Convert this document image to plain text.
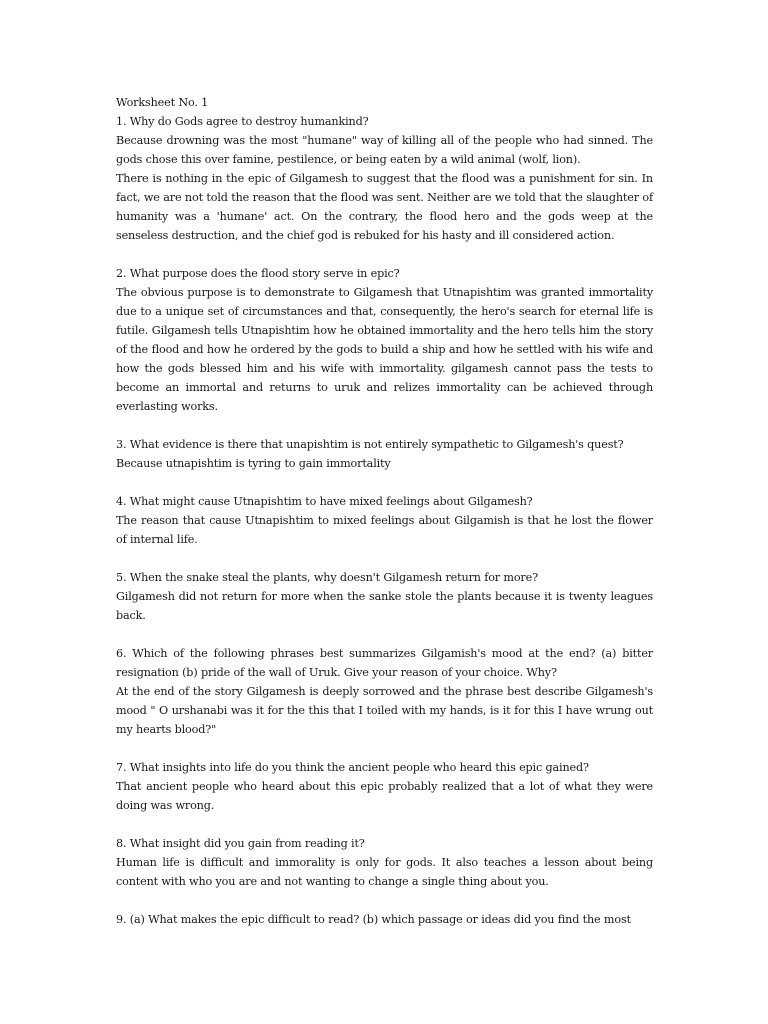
Worksheet No. 1

1. Why do Gods agree to destroy humankind?

Because drowning was the most "humane" way of killing all of the people who had sinned. The gods chose this over famine, pestilence, or being eaten by a wild animal (wolf, lion).

There is nothing in the epic of Gilgamesh to suggest that the flood was a punishment for sin. In fact, we are not told the reason that the flood was sent. Neither are we told that the slaughter of humanity was a 'humane' act. On the contrary, the flood hero and the gods weep at the senseless destruction, and the chief god is rebuked for his hasty and ill considered action.

2. What purpose does the flood story serve in epic?

The obvious purpose is to demonstrate to Gilgamesh that Utnapishtim was granted immortality due to a unique set of circumstances and that, consequently, the hero's search for eternal life is futile. Gilgamesh tells Utnapishtim how he obtained immortality and the hero tells him the story of the flood and how he ordered by the gods to build a ship and how he settled with his wife and how the gods blessed him and his wife with immortality. gilgamesh cannot pass the tests to become an immortal and returns to uruk and relizes immortality can be achieved through everlasting works.

3. What evidence is there that unapishtim is not entirely sympathetic to Gilgamesh's quest?

Because utnapishtim is tyring to gain immortality

4. What might cause Utnapishtim to have mixed feelings about Gilgamesh?

The reason that cause Utnapishtim to mixed feelings about Gilgamish is that he lost the flower of internal life.

5. When the snake steal the plants, why doesn't Gilgamesh return for more?

Gilgamesh did not return for more when the sanke stole the plants because it is twenty leagues back.

6. Which of the following phrases best summarizes Gilgamish's mood at the end? (a) bitter resignation (b) pride of the wall of Uruk. Give your reason of your choice. Why?

At the end of the story Gilgamesh is deeply sorrowed and the phrase best describe Gilgamesh's mood " O urshanabi was it for the this that I toiled with my hands, is it for this I have wrung out my hearts blood?"

7. What insights into life do you think the ancient people who heard this epic gained?

That ancient people who heard about this epic probably realized that a lot of what they were doing was wrong.

8. What insight did you gain from reading it?

Human life is difficult and immorality is only for gods. It also teaches a lesson about being content with who you are and not wanting to change a single thing about you.

9. (a) What makes the epic difficult to read? (b) which passage or ideas did you find the most
